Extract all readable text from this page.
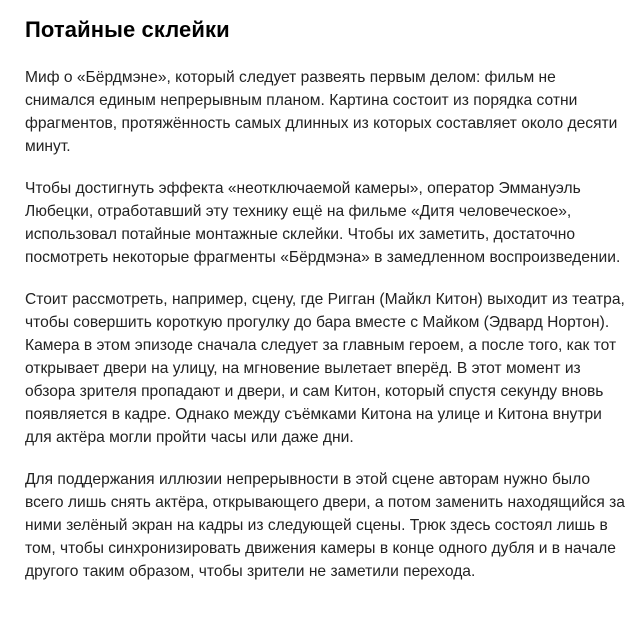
Потайные склейки

Миф о «Бёрдмэне», который следует развеять первым делом: фильм не снимался единым непрерывным планом. Картина состоит из порядка сотни фрагментов, протяжённость самых длинных из которых составляет около десяти минут.

Чтобы достигнуть эффекта «неотключаемой камеры», оператор Эммануэль Любецки, отработавший эту технику ещё на фильме «Дитя человеческое», использовал потайные монтажные склейки. Чтобы их заметить, достаточно посмотреть некоторые фрагменты «Бёрдмэна» в замедленном воспроизведении.

Стоит рассмотреть, например, сцену, где Ригган (Майкл Китон) выходит из театра, чтобы совершить короткую прогулку до бара вместе с Майком (Эдвард Нортон). Камера в этом эпизоде сначала следует за главным героем, а после того, как тот открывает двери на улицу, на мгновение вылетает вперёд. В этот момент из обзора зрителя пропадают и двери, и сам Китон, который спустя секунду вновь появляется в кадре. Однако между съёмками Китона на улице и Китона внутри для актёра могли пройти часы или даже дни.

Для поддержания иллюзии непрерывности в этой сцене авторам нужно было всего лишь снять актёра, открывающего двери, а потом заменить находящийся за ними зелёный экран на кадры из следующей сцены. Трюк здесь состоял лишь в том, чтобы синхронизировать движения камеры в конце одного дубля и в начале другого таким образом, чтобы зрители не заметили перехода.
